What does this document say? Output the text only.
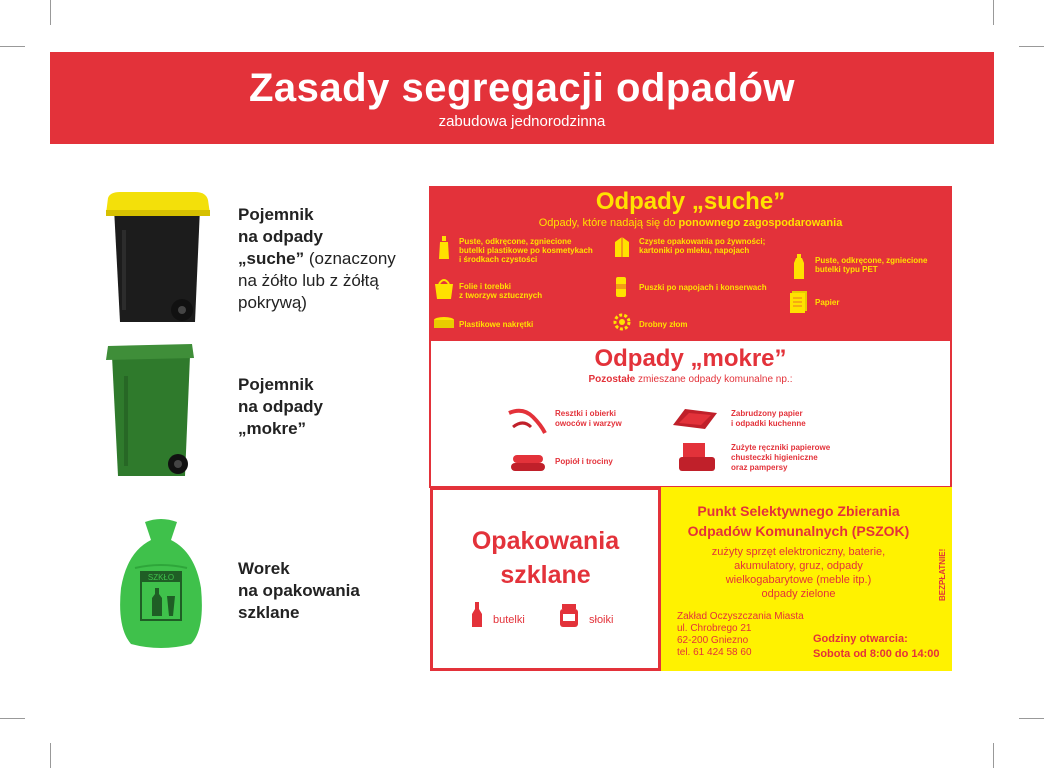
Zasady segregacji odpadów
zabudowa jednorodzinna
SZKŁO
Pojemnik
na odpady
„suche” (oznaczony
na żółto lub z żółtą
pokrywą)
Pojemnik
na odpady
„mokre”
Worek
na opakowania
szklane
Odpady „suche”
Odpady, które nadają się do ponownego zagospodarowania
Puste, odkręcone, zgniecione
butelki plastikowe po kosmetykach
i środkach czystości
Folie i torebki
z tworzyw sztucznych
Plastikowe nakrętki
Czyste opakowania po żywności;
kartoniki po mleku, napojach
Puszki po napojach i konserwach
Drobny złom
Puste, odkręcone, zgniecione
butelki typu PET
Papier
Odpady „mokre”
Pozostałe zmieszane odpady komunalne np.:
Resztki i obierki
owoców i warzyw
Popiół i trociny
Zabrudzony papier
i odpadki kuchenne
Zużyte ręczniki papierowe
chusteczki higieniczne
oraz pampersy
Opakowania
szklane
butelki	słoiki
Punkt Selektywnego Zbierania
Odpadów Komunalnych (PSZOK)
zużyty sprzęt elektroniczny, baterie,
akumulatory, gruz, odpady
wielkogabarytowe (meble itp.)
odpady zielone	BEZPŁATNIE!
Zakład Oczyszczania Miasta
ul. Chrobrego 21
62-200 Gniezno
tel. 61 424 58 60
Godziny otwarcia:
Sobota od 8:00 do 14:00
